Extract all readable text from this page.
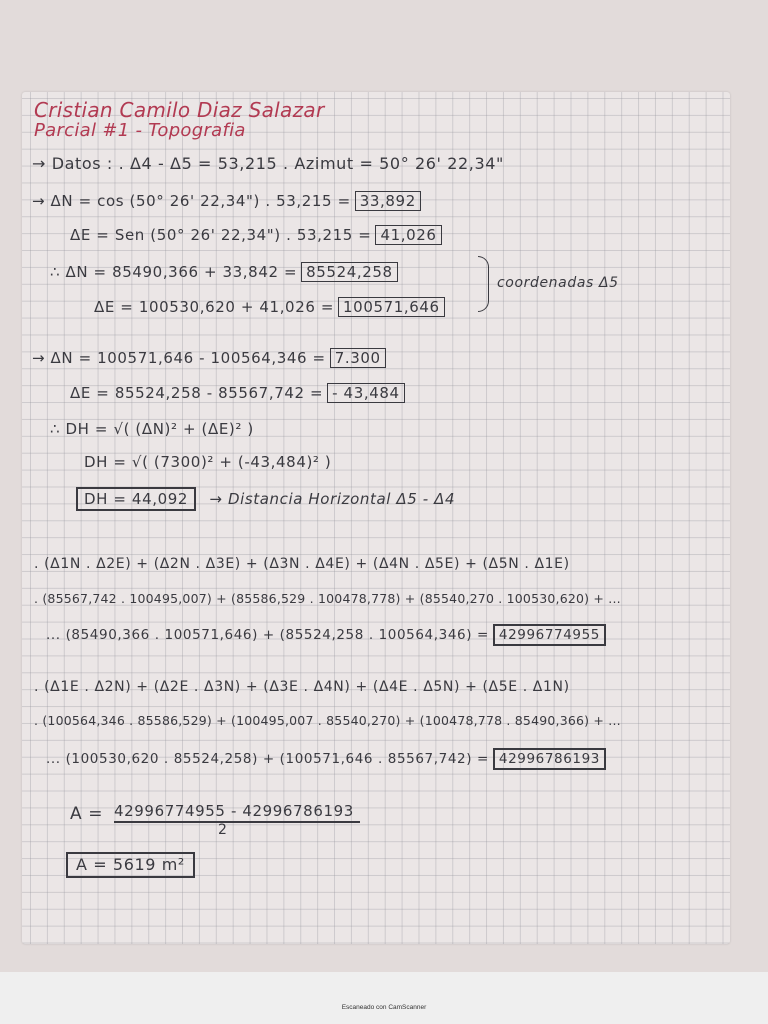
Cristian Camilo Diaz Salazar
Parcial #1 - Topografia
→ Datos : . Δ4 - Δ5 = 53,215 . Azimut = 50° 26' 22,34"
→ ΔN = cos (50° 26' 22,34") . 53,215 = 33,892
ΔE = Sen (50° 26' 22,34") . 53,215 = 41,026
∴ ΔN = 85490,366 + 33,842 = 85524,258
ΔE = 100530,620 + 41,026 = 100571,646
coordenadas Δ5
→ ΔN = 100571,646 - 100564,346 = 7.300
ΔE = 85524,258 - 85567,742 = - 43,484
∴ DH = √( (ΔN)² + (ΔE)² )
DH = √( (7300)² + (-43,484)² )
DH = 44,092 → Distancia Horizontal Δ5 - Δ4
. (Δ1N . Δ2E) + (Δ2N . Δ3E) + (Δ3N . Δ4E) + (Δ4N . Δ5E) + (Δ5N . Δ1E)
. (85567,742 . 100495,007) + (85586,529 . 100478,778) + (85540,270 . 100530,620) + ...
... (85490,366 . 100571,646) + (85524,258 . 100564,346) = 42996774955
. (Δ1E . Δ2N) + (Δ2E . Δ3N) + (Δ3E . Δ4N) + (Δ4E . Δ5N) + (Δ5E . Δ1N)
. (100564,346 . 85586,529) + (100495,007 . 85540,270) + (100478,778 . 85490,366) + ...
... (100530,620 . 85524,258) + (100571,646 . 85567,742) = 42996786193
A = 42996774955 - 42996786193
2
A = 5619 m²
Escaneado con CamScanner
